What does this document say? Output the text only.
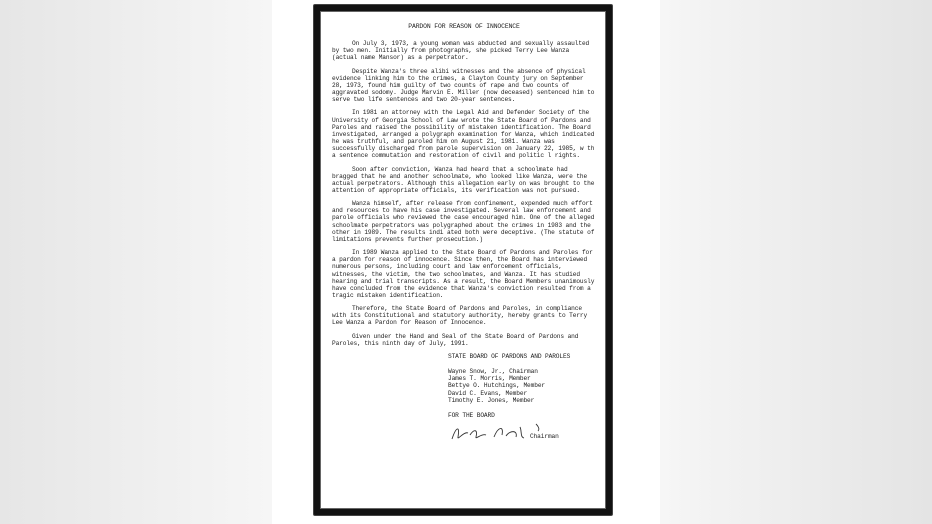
PARDON FOR REASON OF INNOCENCE

On July 3, 1973, a young woman was abducted and sexually assaulted by two men. Initially from photographs, she picked Terry Lee Wanza (actual name Mansor) as a perpetrator.

Despite Wanza's three alibi witnesses and the absence of physical evidence linking him to the crimes, a Clayton County jury on September 28, 1973, found him guilty of two counts of rape and two counts of aggravated sodomy. Judge Marvin E. Miller (now deceased) sentenced him to serve two life sentences and two 20-year sentences.

In 1981 an attorney with the Legal Aid and Defender Society of the University of Georgia School of Law wrote the State Board of Pardons and Paroles and raised the possibility of mistaken identification. The Board investigated, arranged a polygraph examination for Wanza, which indicated he was truthful, and paroled him on August 21, 1981. Wanza was successfully discharged from parole supervision on January 22, 1985, w th a sentence commutation and restoration of civil and politic l rights.

Soon after conviction, Wanza had heard that a schoolmate had bragged that he and another schoolmate, who looked like Wanza, were the actual perpetrators. Although this allegation early on was brought to the attention of appropriate officials, its verification was not pursued.

Wanza himself, after release from confinement, expended much effort and resources to have his case investigated. Several law enforcement and parole officials who reviewed the case encouraged him. One of the alleged schoolmate perpetrators was polygraphed about the crimes in 1983 and the other in 1989. The results indi ated both were deceptive. (The statute of limitations prevents further prosecution.)

In 1989 Wanza applied to the State Board of Pardons and Paroles for a pardon for reason of innocence. Since then, the Board has interviewed numerous persons, including court and law enforcement officials, witnesses, the victim, the two schoolmates, and Wanza. It has studied hearing and trial transcripts. As a result, the Board Members unanimously have concluded from the evidence that Wanza's conviction resulted from a tragic mistaken identification.

Therefore, the State Board of Pardons and Paroles, in compliance with its Constitutional and statutory authority, hereby grants to Terry Lee Wanza a Pardon for Reason of Innocence.

Given under the Hand and Seal of the State Board of Pardons and Paroles, this ninth day of July, 1991.

STATE BOARD OF PARDONS AND PAROLES
Wayne Snow, Jr., Chairman
James T. Morris, Member
Bettye O. Hutchings, Member
David C. Evans, Member
Timothy E. Jones, Member
FOR THE BOARD
Chairman
